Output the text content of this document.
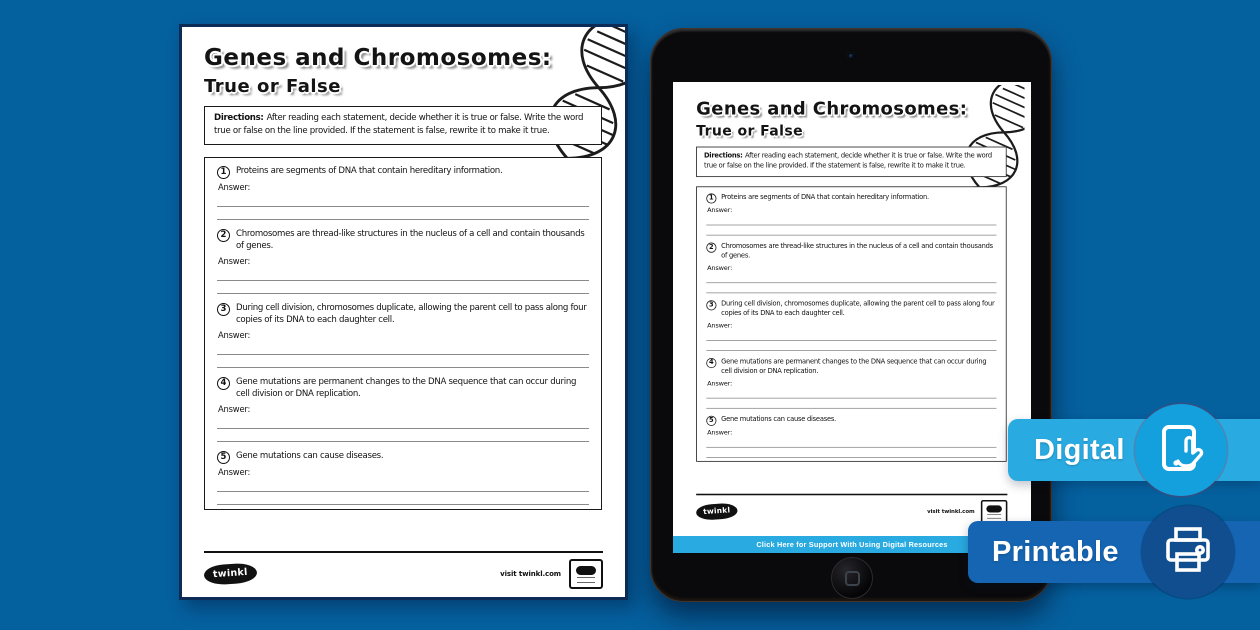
Genes and Chromosomes:
True or False
Directions: After reading each statement, decide whether it is true or false. Write the word true or false on the line provided. If the statement is false, rewrite it to make it true.
1	Proteins are segments of DNA that contain hereditary information.
Answer:
2	Chromosomes are thread-like structures in the nucleus of a cell and contain thousands of genes.
Answer:
3	During cell division, chromosomes duplicate, allowing the parent cell to pass along four copies of its DNA to each daughter cell.
Answer:
4	Gene mutations are permanent changes to the DNA sequence that can occur during cell division or DNA replication.
Answer:
5	Gene mutations can cause diseases.
Answer:
twinkl	visit twinkl.com
Genes and Chromosomes:
True or False
Directions: After reading each statement, decide whether it is true or false. Write the word true or false on the line provided. If the statement is false, rewrite it to make it true.
1 Proteins are segments of DNA that contain hereditary information.
Answer:
2 Chromosomes are thread-like structures in the nucleus of a cell and contain thousands of genes.
Answer:
3 During cell division, chromosomes duplicate, allowing the parent cell to pass along four copies of its DNA to each daughter cell.
Answer:
4 Gene mutations are permanent changes to the DNA sequence that can occur during cell division or DNA replication.
Answer:
5 Gene mutations can cause diseases.
Answer:
twinkl	visit twinkl.com
Click Here for Support With Using Digital Resources
Digital
Printable
